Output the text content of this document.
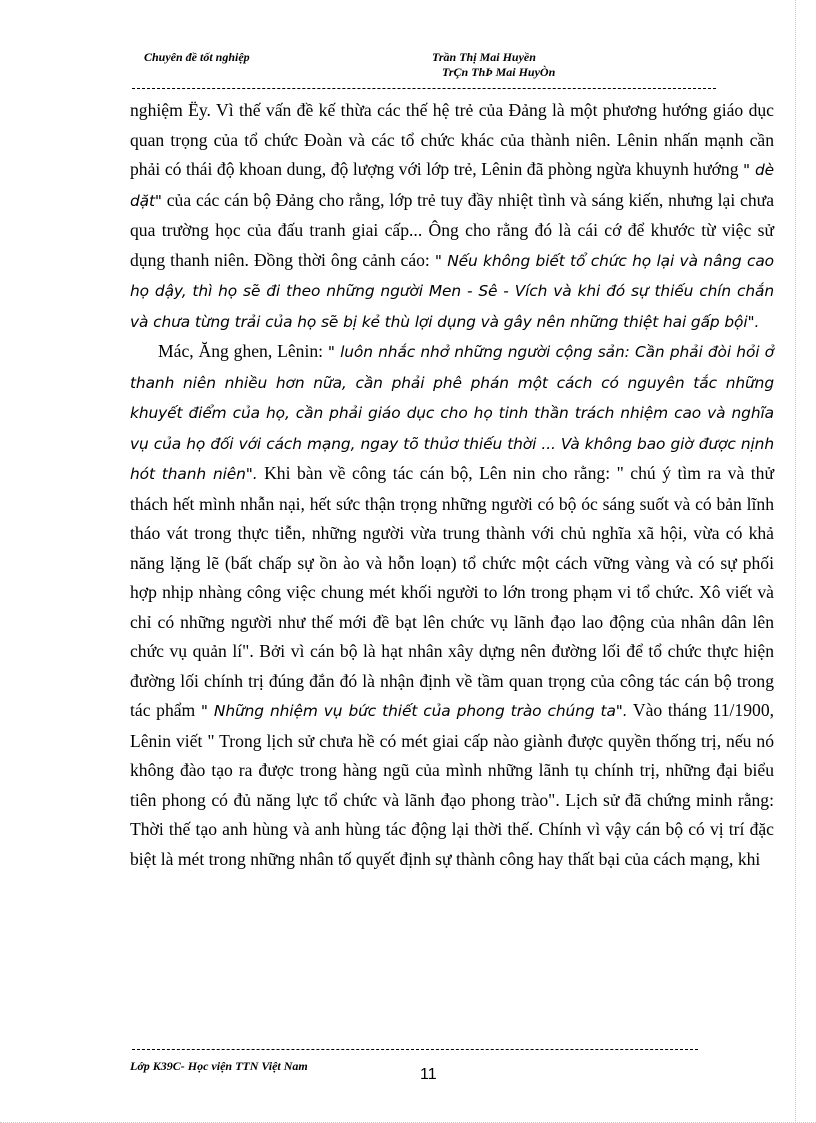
Chuyên đề tốt nghiệp	Trần Thị Mai Huyền
TrÇn ThÞ Mai HuyÒn

nghiệm Ëy. Vì thế vấn đề kế thừa các thế hệ trẻ của Đảng là một phương hướng giáo dục quan trọng của tổ chức Đoàn và các tổ chức khác của thành niên. Lênin nhấn mạnh cần phải có thái độ khoan dung, độ lượng với lớp trẻ, Lênin đã phòng ngừa khuynh hướng " dè dặt" của các cán bộ Đảng cho rằng, lớp trẻ tuy đầy nhiệt tình và sáng kiến, nhưng lại chưa qua trường học của đấu tranh giai cấp... Ông cho rằng đó là cái cớ để khước từ việc sử dụng thanh niên. Đồng thời ông cảnh cáo: " Nếu không biết tổ chức họ lại và nâng cao họ dậy, thì họ sẽ đi theo những người Men - Sê - Vích và khi đó sự thiếu chín chắn và chưa từng trải của họ sẽ bị kẻ thù lợi dụng và gây nên những thiệt hai gấp bội".

Mác, Ăng ghen, Lênin: " luôn nhắc nhở những người cộng sản: Cần phải đòi hỏi ở thanh niên nhiều hơn nữa, cần phải phê phán một cách có nguyên tắc những khuyết điểm của họ, cần phải giáo dục cho họ tinh thần trách nhiệm cao và nghĩa vụ của họ đối với cách mạng, ngay tõ thủơ thiếu thời ... Và không bao giờ được nịnh hót thanh niên". Khi bàn về công tác cán bộ, Lên nin cho rằng: " chú ý tìm ra và thử thách hết mình nhẫn nại, hết sức thận trọng những người có bộ óc sáng suốt và có bản lĩnh tháo vát trong thực tiễn, những người vừa trung thành với chủ nghĩa xã hội, vừa có khả năng lặng lẽ (bất chấp sự ồn ào và hỗn loạn) tổ chức một cách vững vàng và có sự phối hợp nhịp nhàng công việc chung mét khối người to lớn trong phạm vi tổ chức. Xô viết và chỉ có những người như thế mới đề bạt lên chức vụ lãnh đạo lao động của nhân dân lên chức vụ quản lí". Bởi vì cán bộ là hạt nhân xây dựng nên đường lối để tổ chức thực hiện đường lối chính trị đúng đắn đó là nhận định về tầm quan trọng của công tác cán bộ trong tác phẩm " Những nhiệm vụ bức thiết của phong trào chúng ta". Vào tháng 11/1900, Lênin viết " Trong lịch sử chưa hề có mét giai cấp nào giành được quyền thống trị, nếu nó không đào tạo ra được trong hàng ngũ của mình những lãnh tụ chính trị, những đại biểu tiên phong có đủ năng lực tổ chức và lãnh đạo phong trào". Lịch sử đã chứng minh rằng: Thời thế tạo anh hùng và anh hùng tác động lại thời thế. Chính vì vậy cán bộ có vị trí đặc biệt là mét trong những nhân tố quyết định sự thành công hay thất bại của cách mạng, khi

Lớp K39C- Học viện TTN Việt Nam	11
